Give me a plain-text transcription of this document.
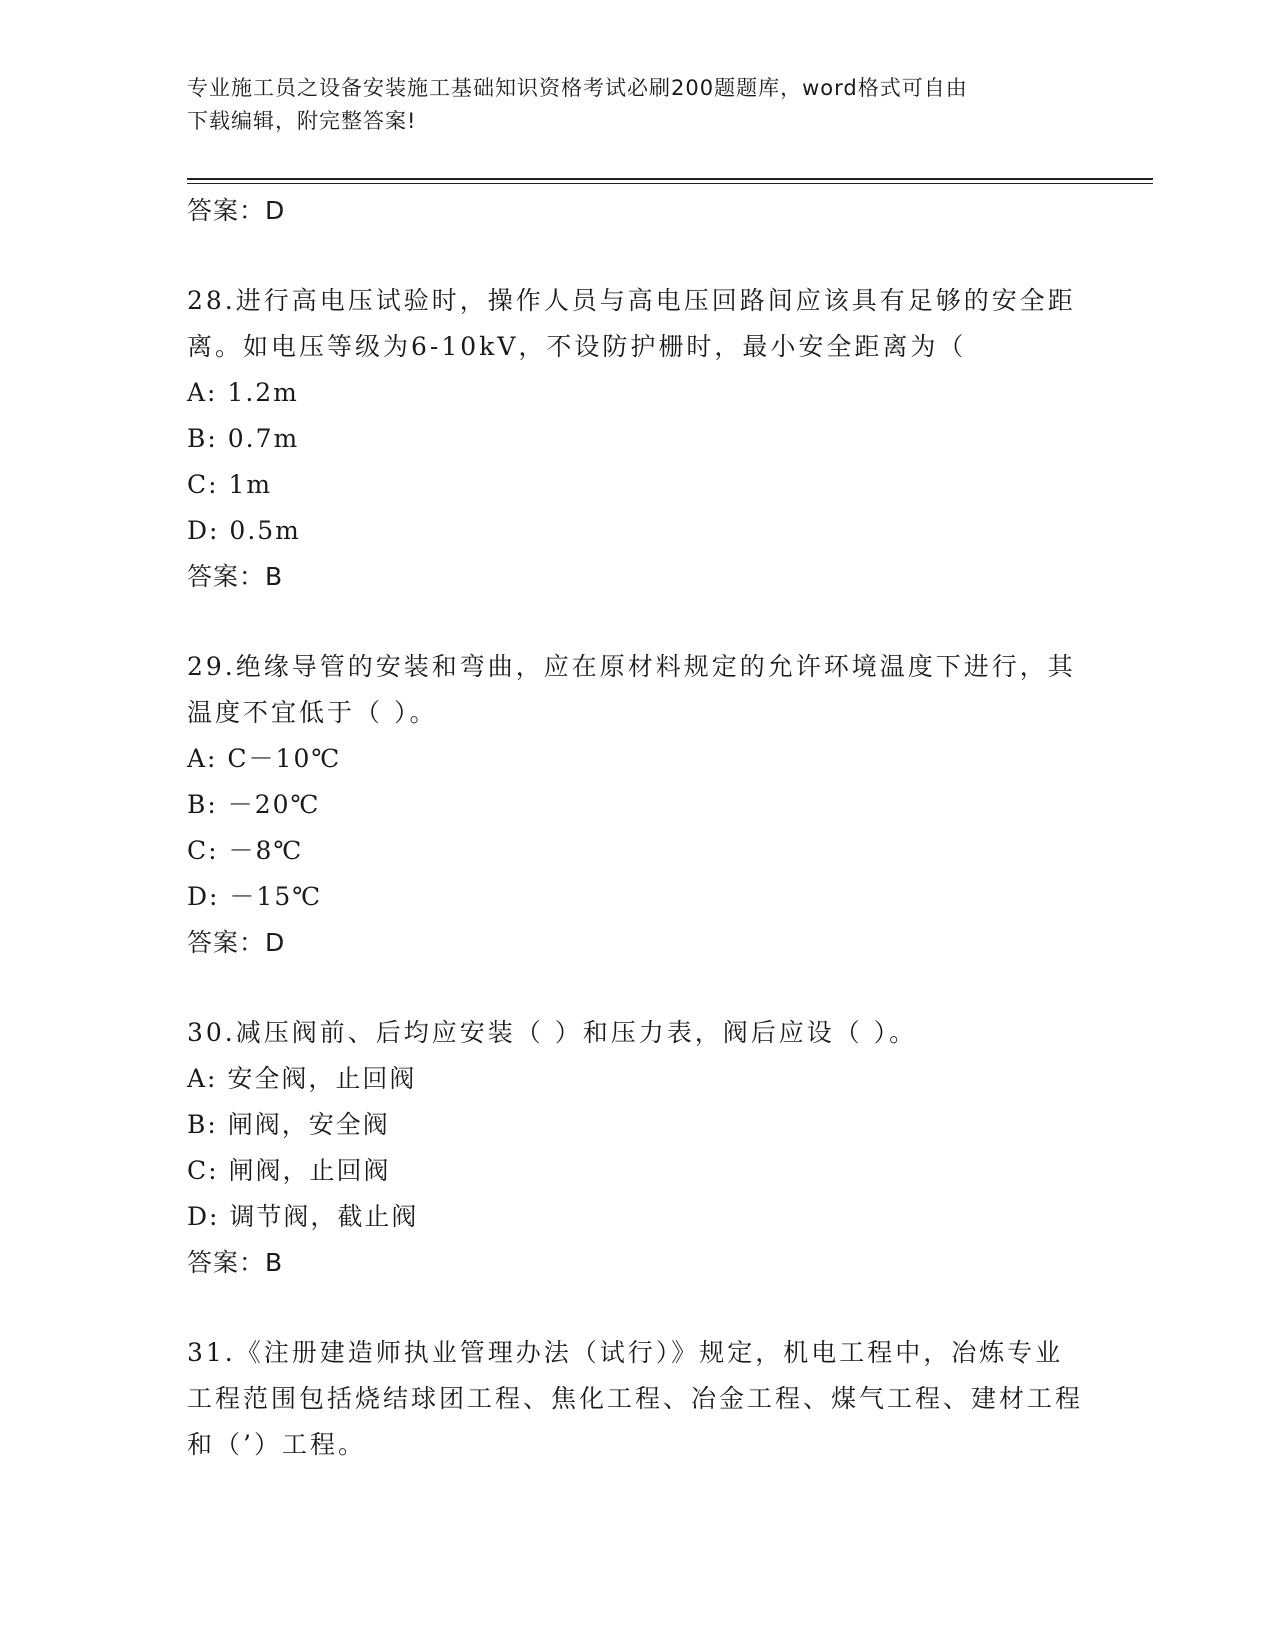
专业施工员之设备安装施工基础知识资格考试必刷200题题库，word格式可自由
下载编辑，附完整答案!
答案：D
28.进行高电压试验时，操作人员与高电压回路间应该具有足够的安全距离。如电压等级为6-10kV，不设防护栅时，最小安全距离为（
A: 1.2m
B: 0.7m
C: 1m
D: 0.5m
答案：B
29.绝缘导管的安装和弯曲，应在原材料规定的允许环境温度下进行，其温度不宜低于（ ）。
A: C－10℃
B: －20℃
C: －8℃
D: －15℃
答案：D
30.减压阀前、后均应安装（ ）和压力表，阀后应设（ ）。
A: 安全阀，止回阀
B: 闸阀，安全阀
C: 闸阀，止回阀
D: 调节阀，截止阀
答案：B
31.《注册建造师执业管理办法（试行）》规定，机电工程中，冶炼专业工程范围包括烧结球团工程、焦化工程、冶金工程、煤气工程、建材工程和（’）工程。
